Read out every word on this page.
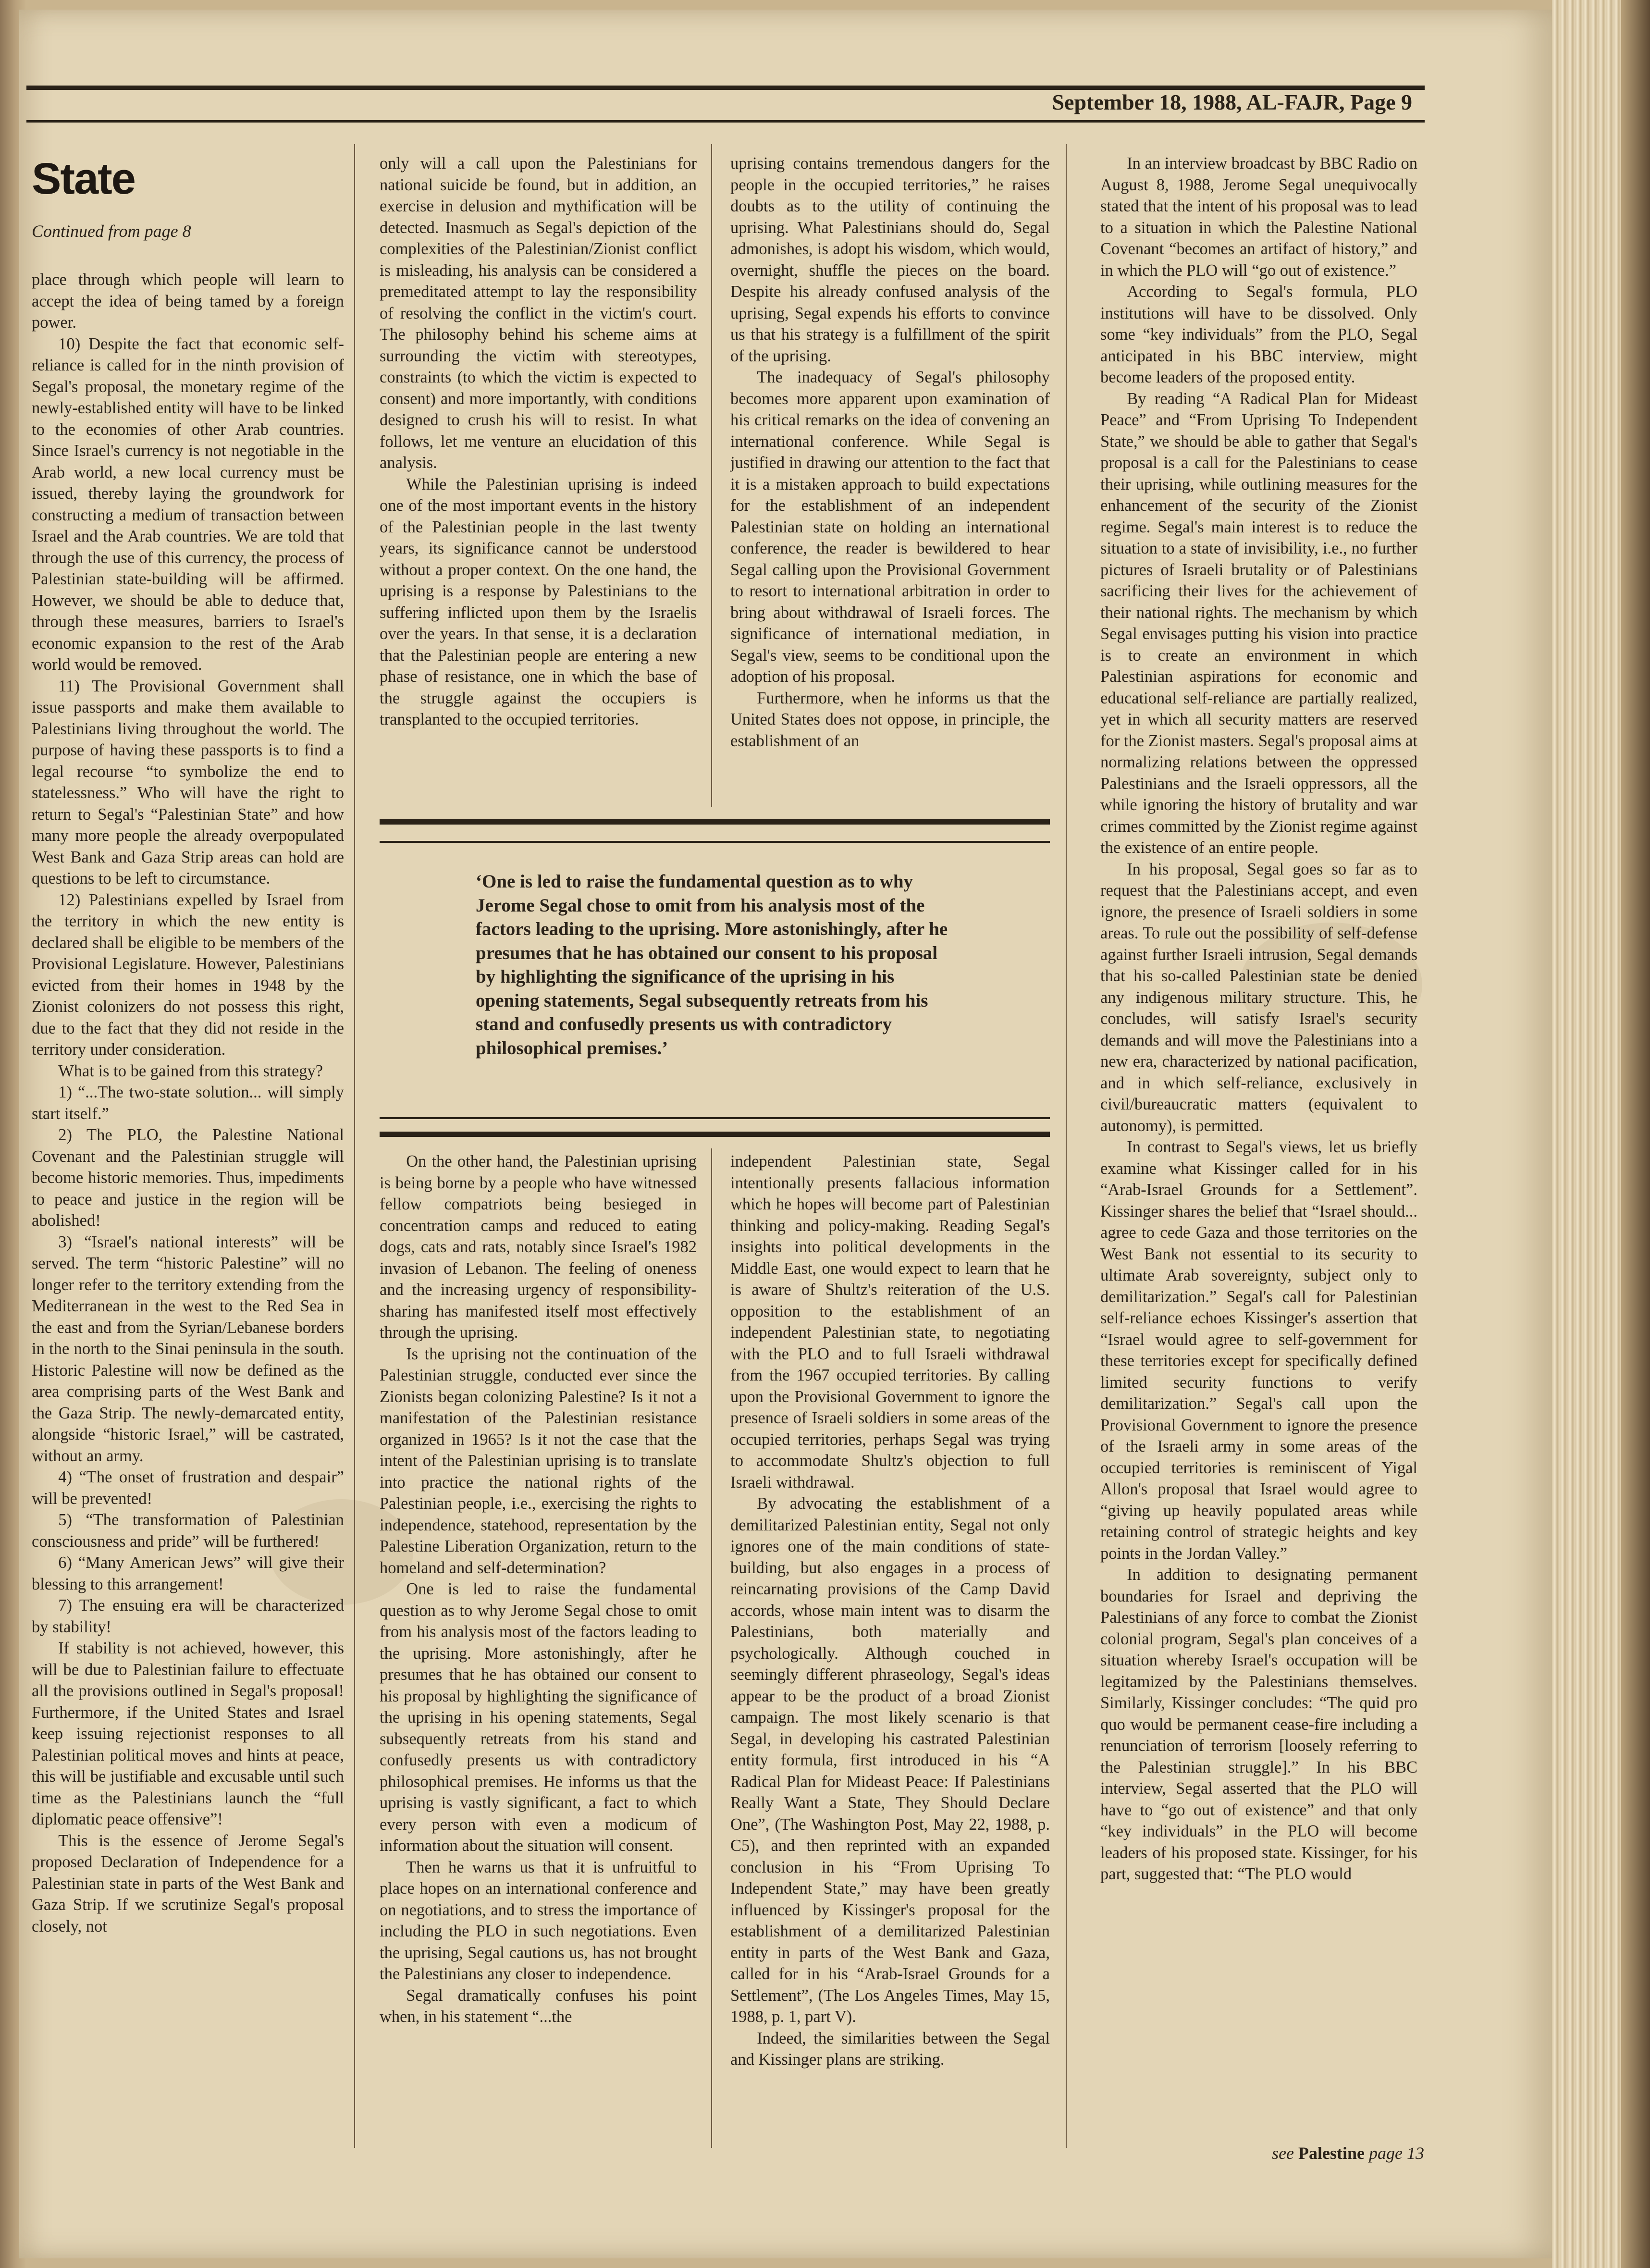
September 18, 1988, AL-FAJR, Page 9
State
Continued from page 8

place through which people will learn to accept the idea of being tamed by a foreign power.

10) Despite the fact that economic self-reliance is called for in the ninth provision of Segal's proposal, the monetary regime of the newly-established entity will have to be linked to the economies of other Arab countries. Since Israel's currency is not negotiable in the Arab world, a new local currency must be issued, thereby laying the groundwork for constructing a medium of transaction between Israel and the Arab countries. We are told that through the use of this currency, the process of Palestinian state-building will be affirmed. However, we should be able to deduce that, through these measures, barriers to Israel's economic expansion to the rest of the Arab world would be removed.

11) The Provisional Government shall issue passports and make them available to Palestinians living throughout the world. The purpose of having these passports is to find a legal recourse “to symbolize the end to statelessness.” Who will have the right to return to Segal's “Palestinian State” and how many more people the already overpopulated West Bank and Gaza Strip areas can hold are questions to be left to circumstance.

12) Palestinians expelled by Israel from the territory in which the new entity is declared shall be eligible to be members of the Provisional Legislature. However, Palestinians evicted from their homes in 1948 by the Zionist colonizers do not possess this right, due to the fact that they did not reside in the territory under consideration.

What is to be gained from this strategy?

1) “...The two-state solution... will simply start itself.”

2) The PLO, the Palestine National Covenant and the Palestinian struggle will become historic memories. Thus, impediments to peace and justice in the region will be abolished!

3) “Israel's national interests” will be served. The term “historic Palestine” will no longer refer to the territory extending from the Mediterranean in the west to the Red Sea in the east and from the Syrian/Lebanese borders in the north to the Sinai peninsula in the south. Historic Palestine will now be defined as the area comprising parts of the West Bank and the Gaza Strip. The newly-demarcated entity, alongside “historic Israel,” will be castrated, without an army.

4) “The onset of frustration and despair” will be prevented!

5) “The transformation of Palestinian consciousness and pride” will be furthered!

6) “Many American Jews” will give their blessing to this arrangement!

7) The ensuing era will be characterized by stability!

If stability is not achieved, however, this will be due to Palestinian failure to effectuate all the provisions outlined in Segal's proposal! Furthermore, if the United States and Israel keep issuing rejectionist responses to all Palestinian political moves and hints at peace, this will be justifiable and excusable until such time as the Palestinians launch the “full diplomatic peace offensive”!

This is the essence of Jerome Segal's proposed Declaration of Independence for a Palestinian state in parts of the West Bank and Gaza Strip. If we scrutinize Segal's proposal closely, not

only will a call upon the Palestinians for national suicide be found, but in addition, an exercise in delusion and mythification will be detected. Inasmuch as Segal's depiction of the complexities of the Palestinian/Zionist conflict is misleading, his analysis can be considered a premeditated attempt to lay the responsibility of resolving the conflict in the victim's court. The philosophy behind his scheme aims at surrounding the victim with stereotypes, constraints (to which the victim is expected to consent) and more importantly, with conditions designed to crush his will to resist. In what follows, let me venture an elucidation of this analysis.

While the Palestinian uprising is indeed one of the most important events in the history of the Palestinian people in the last twenty years, its significance cannot be understood without a proper context. On the one hand, the uprising is a response by Palestinians to the suffering inflicted upon them by the Israelis over the years. In that sense, it is a declaration that the Palestinian people are entering a new phase of resistance, one in which the base of the struggle against the occupiers is transplanted to the occupied territories.

uprising contains tremendous dangers for the people in the occupied territories,” he raises doubts as to the utility of continuing the uprising. What Palestinians should do, Segal admonishes, is adopt his wisdom, which would, overnight, shuffle the pieces on the board. Despite his already confused analysis of the uprising, Segal expends his efforts to convince us that his strategy is a fulfillment of the spirit of the uprising.

The inadequacy of Segal's philosophy becomes more apparent upon examination of his critical remarks on the idea of convening an international conference. While Segal is justified in drawing our attention to the fact that it is a mistaken approach to build expectations for the establishment of an independent Palestinian state on holding an international conference, the reader is bewildered to hear Segal calling upon the Provisional Government to resort to international arbitration in order to bring about withdrawal of Israeli forces. The significance of international mediation, in Segal's view, seems to be conditional upon the adoption of his proposal.

Furthermore, when he informs us that the United States does not oppose, in principle, the establishment of an

‘One is led to raise the fundamental question as to why Jerome Segal chose to omit from his analysis most of the factors leading to the uprising. More astonishingly, after he presumes that he has obtained our consent to his proposal by highlighting the significance of the uprising in his opening statements, Segal subsequently retreats from his stand and confusedly presents us with contradictory philosophical premises.’

On the other hand, the Palestinian uprising is being borne by a people who have witnessed fellow compatriots being besieged in concentration camps and reduced to eating dogs, cats and rats, notably since Israel's 1982 invasion of Lebanon. The feeling of oneness and the increasing urgency of responsibility-sharing has manifested itself most effectively through the uprising.

Is the uprising not the continuation of the Palestinian struggle, conducted ever since the Zionists began colonizing Palestine? Is it not a manifestation of the Palestinian resistance organized in 1965? Is it not the case that the intent of the Palestinian uprising is to translate into practice the national rights of the Palestinian people, i.e., exercising the rights to independence, statehood, representation by the Palestine Liberation Organization, return to the homeland and self-determination?

One is led to raise the fundamental question as to why Jerome Segal chose to omit from his analysis most of the factors leading to the uprising. More astonishingly, after he presumes that he has obtained our consent to his proposal by highlighting the significance of the uprising in his opening statements, Segal subsequently retreats from his stand and confusedly presents us with contradictory philosophical premises. He informs us that the uprising is vastly significant, a fact to which every person with even a modicum of information about the situation will consent.

Then he warns us that it is unfruitful to place hopes on an international conference and on negotiations, and to stress the importance of including the PLO in such negotiations. Even the uprising, Segal cautions us, has not brought the Palestinians any closer to independence.

Segal dramatically confuses his point when, in his statement “...the

independent Palestinian state, Segal intentionally presents fallacious information which he hopes will become part of Palestinian thinking and policy-making. Reading Segal's insights into political developments in the Middle East, one would expect to learn that he is aware of Shultz's reiteration of the U.S. opposition to the establishment of an independent Palestinian state, to negotiating with the PLO and to full Israeli withdrawal from the 1967 occupied territories. By calling upon the Provisional Government to ignore the presence of Israeli soldiers in some areas of the occupied territories, perhaps Segal was trying to accommodate Shultz's objection to full Israeli withdrawal.

By advocating the establishment of a demilitarized Palestinian entity, Segal not only ignores one of the main conditions of state-building, but also engages in a process of reincarnating provisions of the Camp David accords, whose main intent was to disarm the Palestinians, both materially and psychologically. Although couched in seemingly different phraseology, Segal's ideas appear to be the product of a broad Zionist campaign. The most likely scenario is that Segal, in developing his castrated Palestinian entity formula, first introduced in his “A Radical Plan for Mideast Peace: If Palestinians Really Want a State, They Should Declare One”, (The Washington Post, May 22, 1988, p. C5), and then reprinted with an expanded conclusion in his “From Uprising To Independent State,” may have been greatly influenced by Kissinger's proposal for the establishment of a demilitarized Palestinian entity in parts of the West Bank and Gaza, called for in his “Arab-Israel Grounds for a Settlement”, (The Los Angeles Times, May 15, 1988, p. 1, part V).

Indeed, the similarities between the Segal and Kissinger plans are striking.

In an interview broadcast by BBC Radio on August 8, 1988, Jerome Segal unequivocally stated that the intent of his proposal was to lead to a situation in which the Palestine National Covenant “becomes an artifact of history,” and in which the PLO will “go out of existence.”

According to Segal's formula, PLO institutions will have to be dissolved. Only some “key individuals” from the PLO, Segal anticipated in his BBC interview, might become leaders of the proposed entity.

By reading “A Radical Plan for Mideast Peace” and “From Uprising To Independent State,” we should be able to gather that Segal's proposal is a call for the Palestinians to cease their uprising, while outlining measures for the enhancement of the security of the Zionist regime. Segal's main interest is to reduce the situation to a state of invisibility, i.e., no further pictures of Israeli brutality or of Palestinians sacrificing their lives for the achievement of their national rights. The mechanism by which Segal envisages putting his vision into practice is to create an environment in which Palestinian aspirations for economic and educational self-reliance are partially realized, yet in which all security matters are reserved for the Zionist masters. Segal's proposal aims at normalizing relations between the oppressed Palestinians and the Israeli oppressors, all the while ignoring the history of brutality and war crimes committed by the Zionist regime against the existence of an entire people.

In his proposal, Segal goes so far as to request that the Palestinians accept, and even ignore, the presence of Israeli soldiers in some areas. To rule out the possibility of self-defense against further Israeli intrusion, Segal demands that his so-called Palestinian state be denied any indigenous military structure. This, he concludes, will satisfy Israel's security demands and will move the Palestinians into a new era, characterized by national pacification, and in which self-reliance, exclusively in civil/bureaucratic matters (equivalent to autonomy), is permitted.

In contrast to Segal's views, let us briefly examine what Kissinger called for in his “Arab-Israel Grounds for a Settlement”. Kissinger shares the belief that “Israel should... agree to cede Gaza and those territories on the West Bank not essential to its security to ultimate Arab sovereignty, subject only to demilitarization.” Segal's call for Palestinian self-reliance echoes Kissinger's assertion that “Israel would agree to self-government for these territories except for specifically defined limited security functions to verify demilitarization.” Segal's call upon the Provisional Government to ignore the presence of the Israeli army in some areas of the occupied territories is reminiscent of Yigal Allon's proposal that Israel would agree to “giving up heavily populated areas while retaining control of strategic heights and key points in the Jordan Valley.”

In addition to designating permanent boundaries for Israel and depriving the Palestinians of any force to combat the Zionist colonial program, Segal's plan conceives of a situation whereby Israel's occupation will be legitamized by the Palestinians themselves. Similarly, Kissinger concludes: “The quid pro quo would be permanent cease-fire including a renunciation of terrorism [loosely referring to the Palestinian struggle].” In his BBC interview, Segal asserted that the PLO will have to “go out of existence” and that only “key individuals” in the PLO will become leaders of his proposed state. Kissinger, for his part, suggested that: “The PLO would

see Palestine page 13
